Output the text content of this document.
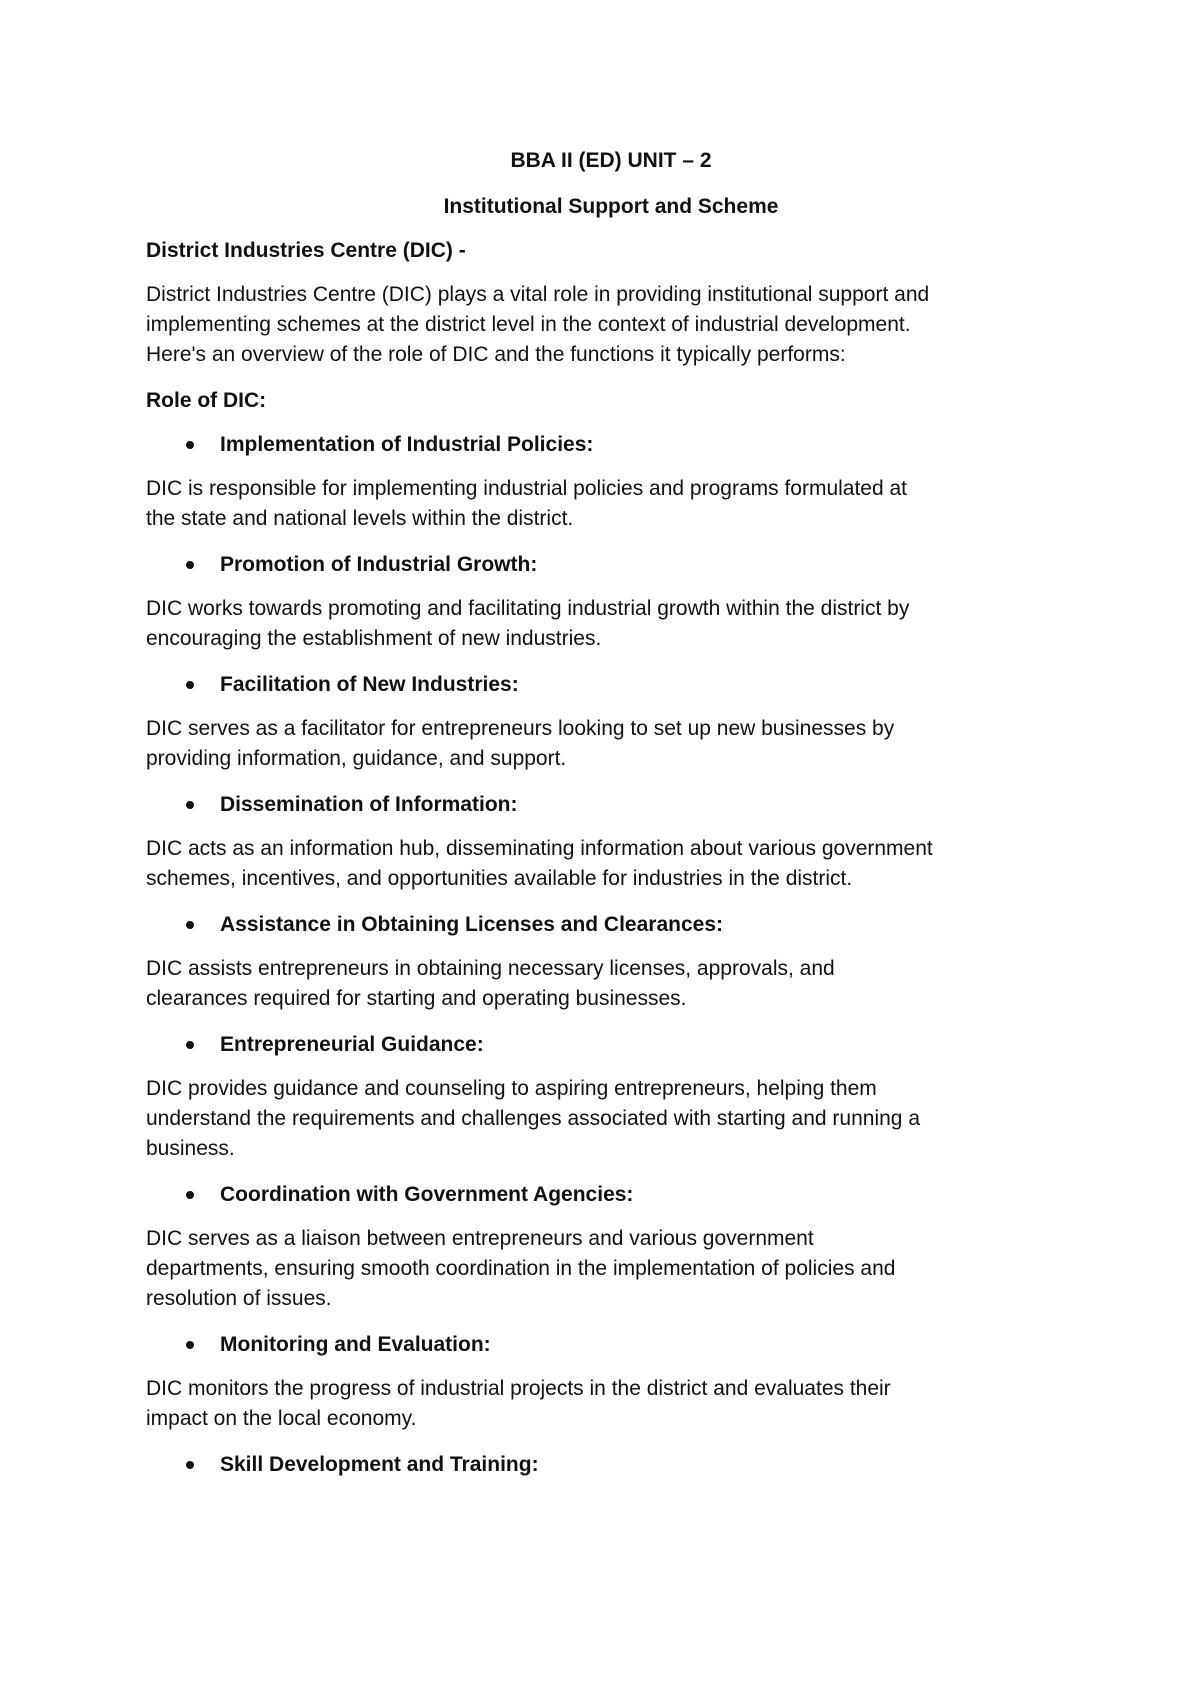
BBA II (ED) UNIT – 2
Institutional Support and Scheme
District Industries Centre (DIC) -
District Industries Centre (DIC) plays a vital role in providing institutional support and
implementing schemes at the district level in the context of industrial development.
Here's an overview of the role of DIC and the functions it typically performs:
Role of DIC:
Implementation of Industrial Policies:
DIC is responsible for implementing industrial policies and programs formulated at
the state and national levels within the district.
Promotion of Industrial Growth:
DIC works towards promoting and facilitating industrial growth within the district by
encouraging the establishment of new industries.
Facilitation of New Industries:
DIC serves as a facilitator for entrepreneurs looking to set up new businesses by
providing information, guidance, and support.
Dissemination of Information:
DIC acts as an information hub, disseminating information about various government
schemes, incentives, and opportunities available for industries in the district.
Assistance in Obtaining Licenses and Clearances:
DIC assists entrepreneurs in obtaining necessary licenses, approvals, and
clearances required for starting and operating businesses.
Entrepreneurial Guidance:
DIC provides guidance and counseling to aspiring entrepreneurs, helping them
understand the requirements and challenges associated with starting and running a
business.
Coordination with Government Agencies:
DIC serves as a liaison between entrepreneurs and various government
departments, ensuring smooth coordination in the implementation of policies and
resolution of issues.
Monitoring and Evaluation:
DIC monitors the progress of industrial projects in the district and evaluates their
impact on the local economy.
Skill Development and Training:
